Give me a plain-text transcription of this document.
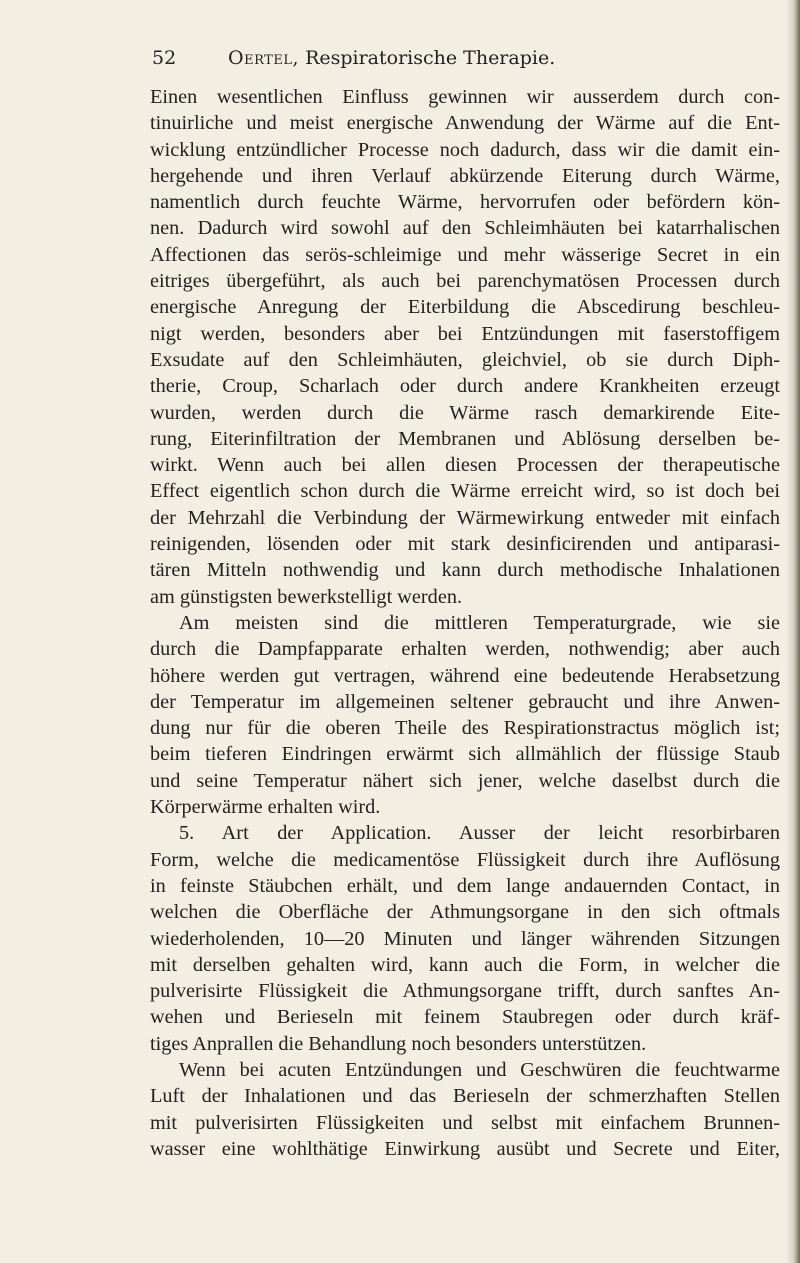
52	Oertel, Respiratorische Therapie.
Einen wesentlichen Einfluss gewinnen wir ausserdem durch con-
tinuirliche und meist energische Anwendung der Wärme auf die Ent-
wicklung entzündlicher Processe noch dadurch, dass wir die damit ein-
hergehende und ihren Verlauf abkürzende Eiterung durch Wärme,
namentlich durch feuchte Wärme, hervorrufen oder befördern kön-
nen. Dadurch wird sowohl auf den Schleimhäuten bei katarrhalischen
Affectionen das serös-schleimige und mehr wässerige Secret in ein
eitriges übergeführt, als auch bei parenchymatösen Processen durch
energische Anregung der Eiterbildung die Abscedirung beschleu-
nigt werden, besonders aber bei Entzündungen mit faserstoffigem
Exsudate auf den Schleimhäuten, gleichviel, ob sie durch Diph-
therie, Croup, Scharlach oder durch andere Krankheiten erzeugt
wurden, werden durch die Wärme rasch demarkirende Eite-
rung, Eiterinfiltration der Membranen und Ablösung derselben be-
wirkt. Wenn auch bei allen diesen Processen der therapeutische
Effect eigentlich schon durch die Wärme erreicht wird, so ist doch bei
der Mehrzahl die Verbindung der Wärmewirkung entweder mit einfach
reinigenden, lösenden oder mit stark desinficirenden und antiparasi-
tären Mitteln nothwendig und kann durch methodische Inhalationen
am günstigsten bewerkstelligt werden.
Am meisten sind die mittleren Temperaturgrade, wie sie
durch die Dampfapparate erhalten werden, nothwendig; aber auch
höhere werden gut vertragen, während eine bedeutende Herabsetzung
der Temperatur im allgemeinen seltener gebraucht und ihre Anwen-
dung nur für die oberen Theile des Respirationstractus möglich ist;
beim tieferen Eindringen erwärmt sich allmählich der flüssige Staub
und seine Temperatur nähert sich jener, welche daselbst durch die
Körperwärme erhalten wird.
5. Art der Application. Ausser der leicht resorbirbaren
Form, welche die medicamentöse Flüssigkeit durch ihre Auflösung
in feinste Stäubchen erhält, und dem lange andauernden Contact, in
welchen die Oberfläche der Athmungsorgane in den sich oftmals
wiederholenden, 10—20 Minuten und länger währenden Sitzungen
mit derselben gehalten wird, kann auch die Form, in welcher die
pulverisirte Flüssigkeit die Athmungsorgane trifft, durch sanftes An-
wehen und Berieseln mit feinem Staubregen oder durch kräf-
tiges Anprallen die Behandlung noch besonders unterstützen.
Wenn bei acuten Entzündungen und Geschwüren die feuchtwarme
Luft der Inhalationen und das Berieseln der schmerzhaften Stellen
mit pulverisirten Flüssigkeiten und selbst mit einfachem Brunnen-
wasser eine wohlthätige Einwirkung ausübt und Secrete und Eiter,
